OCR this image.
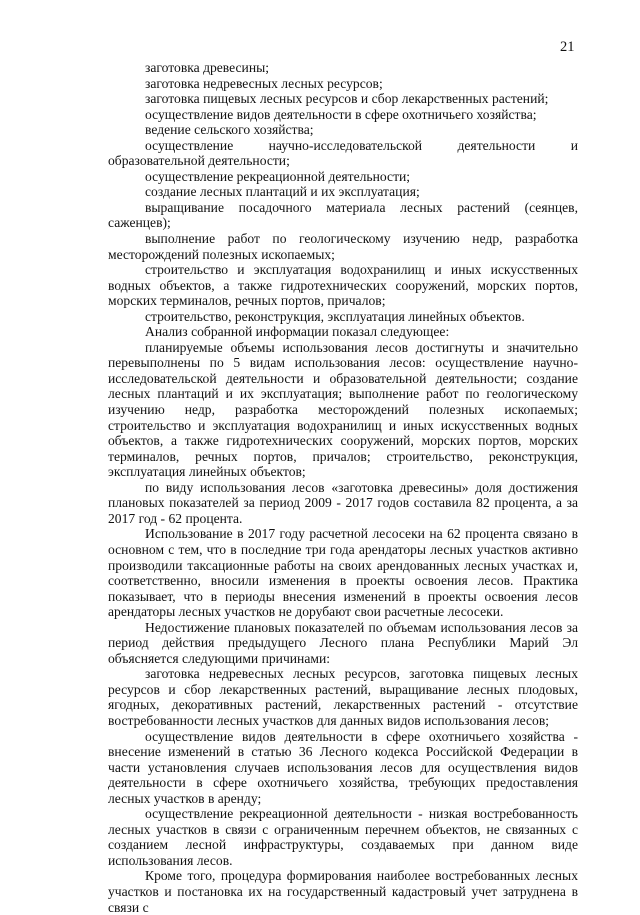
21

заготовка древесины;

заготовка недревесных лесных ресурсов;

заготовка пищевых лесных ресурсов и сбор лекарственных растений;

осуществление видов деятельности в сфере охотничьего хозяйства;

ведение сельского хозяйства;

осуществление научно-исследовательской деятельности и образовательной деятельности;

осуществление рекреационной деятельности;

создание лесных плантаций и их эксплуатация;

выращивание посадочного материала лесных растений (сеянцев, саженцев);

выполнение работ по геологическому изучению недр, разработка месторождений полезных ископаемых;

строительство и эксплуатация водохранилищ и иных искусственных водных объектов, а также гидротехнических сооружений, морских портов, морских терминалов, речных портов, причалов;

строительство, реконструкция, эксплуатация линейных объектов.

Анализ собранной информации показал следующее:

планируемые объемы использования лесов достигнуты и значительно перевыполнены по 5 видам использования лесов: осуществление научно-исследовательской деятельности и образовательной деятельности; создание лесных плантаций и их эксплуатация; выполнение работ по геологическому изучению недр, разработка месторождений полезных ископаемых; строительство и эксплуатация водохранилищ и иных искусственных водных объектов, а также гидротехнических сооружений, морских портов, морских терминалов, речных портов, причалов; строительство, реконструкция, эксплуатация линейных объектов;

по виду использования лесов «заготовка древесины» доля достижения плановых показателей за период 2009 - 2017 годов составила 82 процента, а за 2017 год - 62 процента.

Использование в 2017 году расчетной лесосеки на 62 процента связано в основном с тем, что в последние три года арендаторы лесных участков активно производили таксационные работы на своих арендованных лесных участках и, соответственно, вносили изменения в проекты освоения лесов. Практика показывает, что в периоды внесения изменений в проекты освоения лесов арендаторы лесных участков не дорубают свои расчетные лесосеки.

Недостижение плановых показателей по объемам использования лесов за период действия предыдущего Лесного плана Республики Марий Эл объясняется следующими причинами:

заготовка недревесных лесных ресурсов, заготовка пищевых лесных ресурсов и сбор лекарственных растений, выращивание лесных плодовых, ягодных, декоративных растений, лекарственных растений - отсутствие востребованности лесных участков для данных видов использования лесов;

осуществление видов деятельности в сфере охотничьего хозяйства - внесение изменений в статью 36 Лесного кодекса Российской Федерации в части установления случаев использования лесов для осуществления видов деятельности в сфере охотничьего хозяйства, требующих предоставления лесных участков в аренду;

осуществление рекреационной деятельности - низкая востребованность лесных участков в связи с ограниченным перечнем объектов, не связанных с созданием лесной инфраструктуры, создаваемых при данном виде использования лесов.

Кроме того, процедура формирования наиболее востребованных лесных участков и постановка их на государственный кадастровый учет затруднена в связи с
